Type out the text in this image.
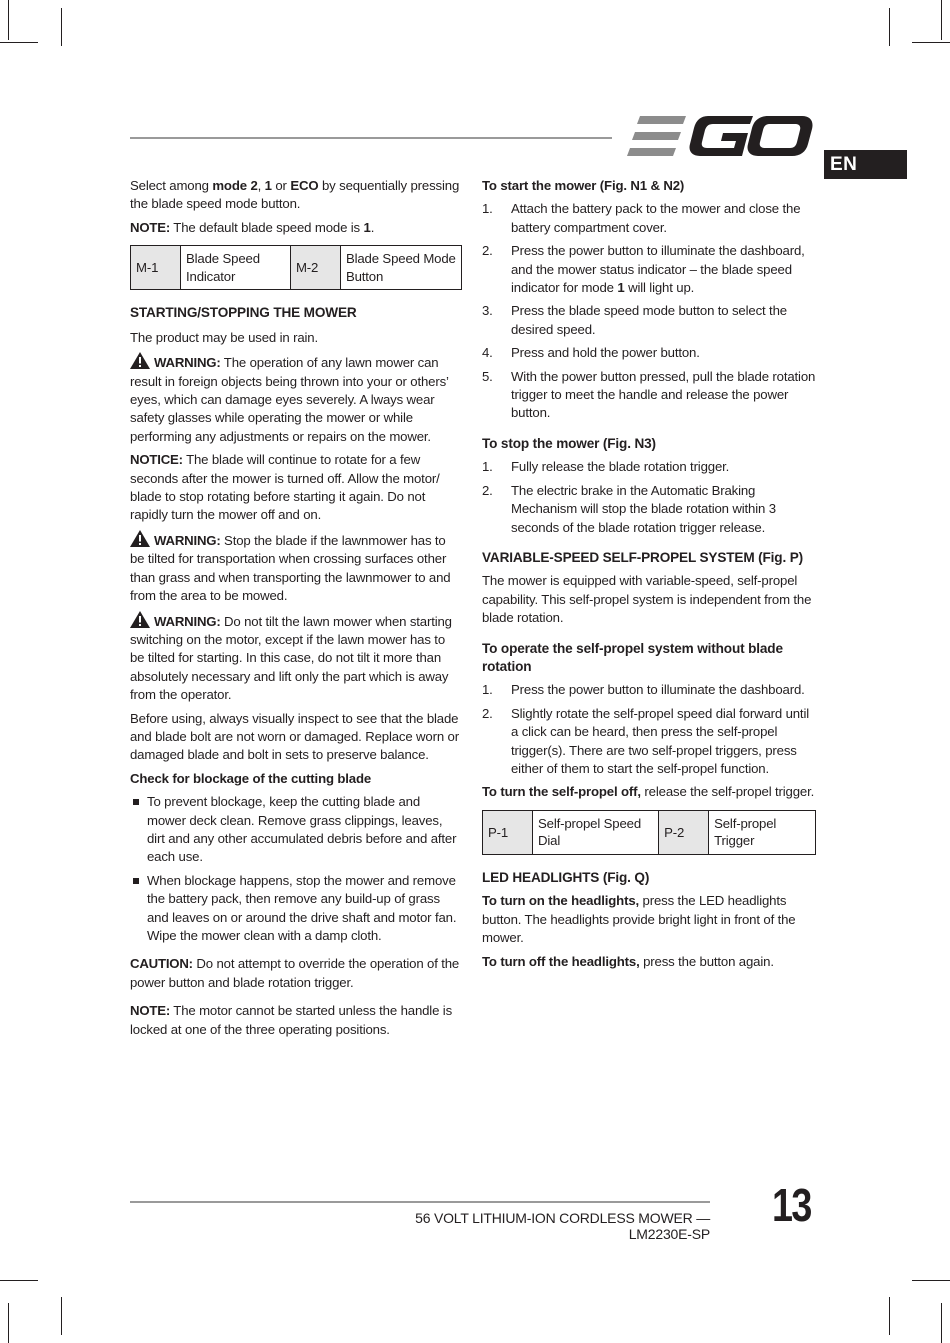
EN

Select among mode 2, 1 or ECO by sequentially pressing the blade speed mode button.

NOTE: The default blade speed mode is 1.

M-1	Blade Speed Indicator	M-2	Blade Speed Mode Button
STARTING/STOPPING THE MOWER

The product may be used in rain.

WARNING: The operation of any lawn mower can result in foreign objects being thrown into your or others’ eyes, which can damage eyes severely. A lways wear safety glasses while operating the mower or while performing any adjustments or repairs on the mower.

NOTICE: The blade will continue to rotate for a few seconds after the mower is turned off. Allow the motor/ blade to stop rotating before starting it again. Do not rapidly turn the mower off and on.

WARNING: Stop the blade if the lawnmower has to be tilted for transportation when crossing surfaces other than grass and when transporting the lawnmower to and from the area to be mowed.

WARNING: Do not tilt the lawn mower when starting switching on the motor, except if the lawn mower has to be tilted for starting. In this case, do not tilt it more than absolutely necessary and lift only the part which is away from the operator.

Before using, always visually inspect to see that the blade and blade bolt are not worn or damaged. Replace worn or damaged blade and bolt in sets to preserve balance.

Check for blockage of the cutting blade
To prevent blockage, keep the cutting blade and mower deck clean. Remove grass clippings, leaves, dirt and any other accumulated debris before and after each use.
When blockage happens, stop the mower and remove the battery pack, then remove any build-up of grass and leaves on or around the drive shaft and motor fan. Wipe the mower clean with a damp cloth.

CAUTION: Do not attempt to override the operation of the power button and blade rotation trigger.

NOTE: The motor cannot be started unless the handle is locked at one of the three operating positions.

To start the mower (Fig. N1 & N2)
1. Attach the battery pack to the mower and close the battery compartment cover.
2. Press the power button to illuminate the dashboard, and the mower status indicator – the blade speed indicator for mode 1 will light up.
3. Press the blade speed mode button to select the desired speed.
4. Press and hold the power button.
5. With the power button pressed, pull the blade rotation trigger to meet the handle and release the power button.
To stop the mower (Fig. N3)
1. Fully release the blade rotation trigger.
2. The electric brake in the Automatic Braking Mechanism will stop the blade rotation within 3 seconds of the blade rotation trigger release.
VARIABLE-SPEED SELF-PROPEL SYSTEM (Fig. P)

The mower is equipped with variable-speed, self-propel capability. This self-propel system is independent from the blade rotation.

To operate the self-propel system without blade rotation
1. Press the power button to illuminate the dashboard.
2. Slightly rotate the self-propel speed dial forward until a click can be heard, then press the self-propel trigger(s). There are two self-propel triggers, press either of them to start the self-propel function.

To turn the self-propel off, release the self-propel trigger.

P-1	Self-propel Speed Dial	P-2	Self-propel Trigger
LED HEADLIGHTS (Fig. Q)

To turn on the headlights, press the LED headlights button. The headlights provide bright light in front of the mower.

To turn off the headlights, press the button again.

56 VOLT LITHIUM-ION CORDLESS MOWER — LM2230E-SP
13
